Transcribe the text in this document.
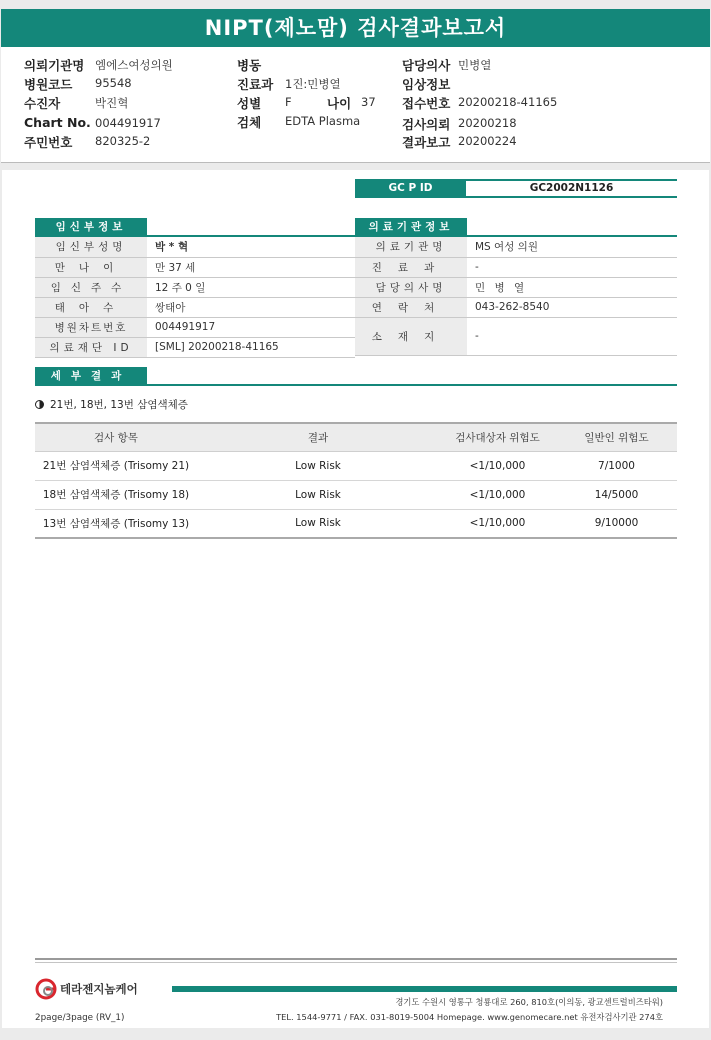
NIPT(제노맘) 검사결과보고서
의뢰기관명 엠에스여성의원
병원코드 95548
수진자	박진혁
Chart No. 004491917
주민번호 820325-2
병동
진료과 1진:민병열
성별 F	나이 37
검체 EDTA Plasma
담당의사 민병열
임상정보
접수번호 20200218-41165
검사의뢰 20200218
결과보고 20200224
GC P ID	GC2002N1126
임신부정보
임신부성명	박 * 혁
만나이	만 37 세
임신주수	12 주 0 일
태아수	쌍태아
병원차트번호	004491917
의료재단 ID	[SML] 20200218-41165
의료기관정보
의료기관명	MS 여성 의원
진료과	-
담당의사명	민 병 열
연락처	043-262-8540
소재지	-
세부결과
21번, 18번, 13번 삼염색체증
검사 항목	결과	검사대상자 위험도	일반인 위험도
21번 삼염색체증 (Trisomy 21)	Low Risk	<1/10,000	7/1000
18번 삼염색체증 (Trisomy 18)	Low Risk	<1/10,000	14/5000
13번 삼염색체증 (Trisomy 13)	Low Risk	<1/10,000	9/10000
테라젠지놈케어
경기도 수원시 영통구 청룡대로 260, 810호(이의동, 광교센트럴비즈타워)
TEL. 1544-9771 / FAX. 031-8019-5004 Homepage. www.genomecare.net 유전자검사기관 274호
2page/3page (RV_1)
